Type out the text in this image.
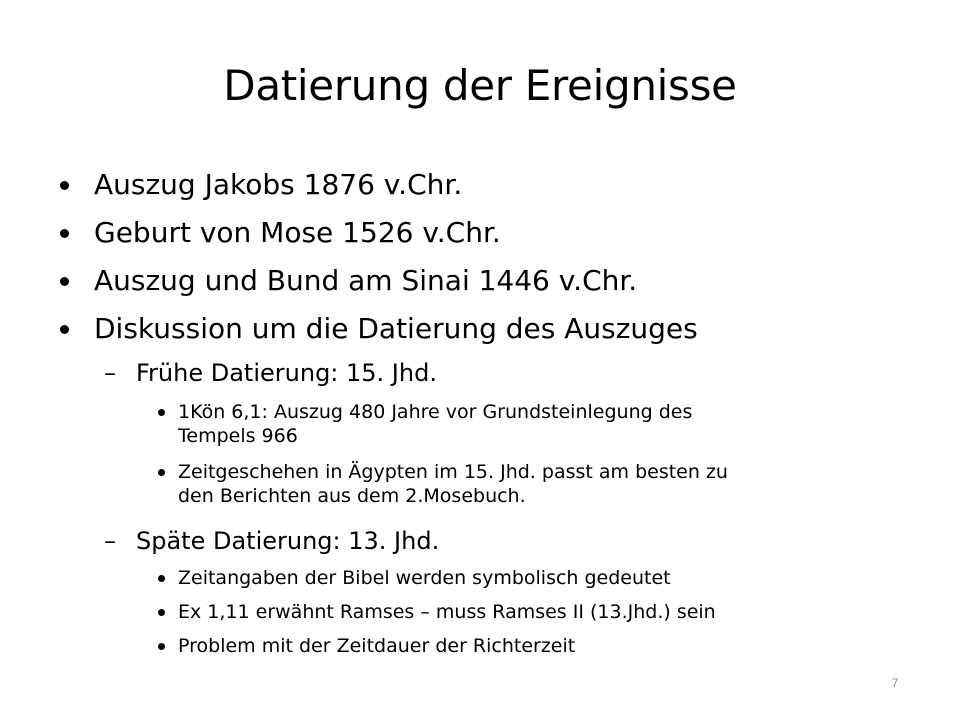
Datierung der Ereignisse
Auszug Jakobs 1876 v.Chr.
Geburt von Mose 1526 v.Chr.
Auszug und Bund am Sinai 1446 v.Chr.
Diskussion um die Datierung des Auszuges
– Frühe Datierung: 15. Jhd.
1Kön 6,1: Auszug 480 Jahre vor Grundsteinlegung des
Tempels 966
Zeitgeschehen in Ägypten im 15. Jhd. passt am besten zu
den Berichten aus dem 2.Mosebuch.
– Späte Datierung: 13. Jhd.
Zeitangaben der Bibel werden symbolisch gedeutet
Ex 1,11 erwähnt Ramses – muss Ramses II (13.Jhd.) sein
Problem mit der Zeitdauer der Richterzeit
7
